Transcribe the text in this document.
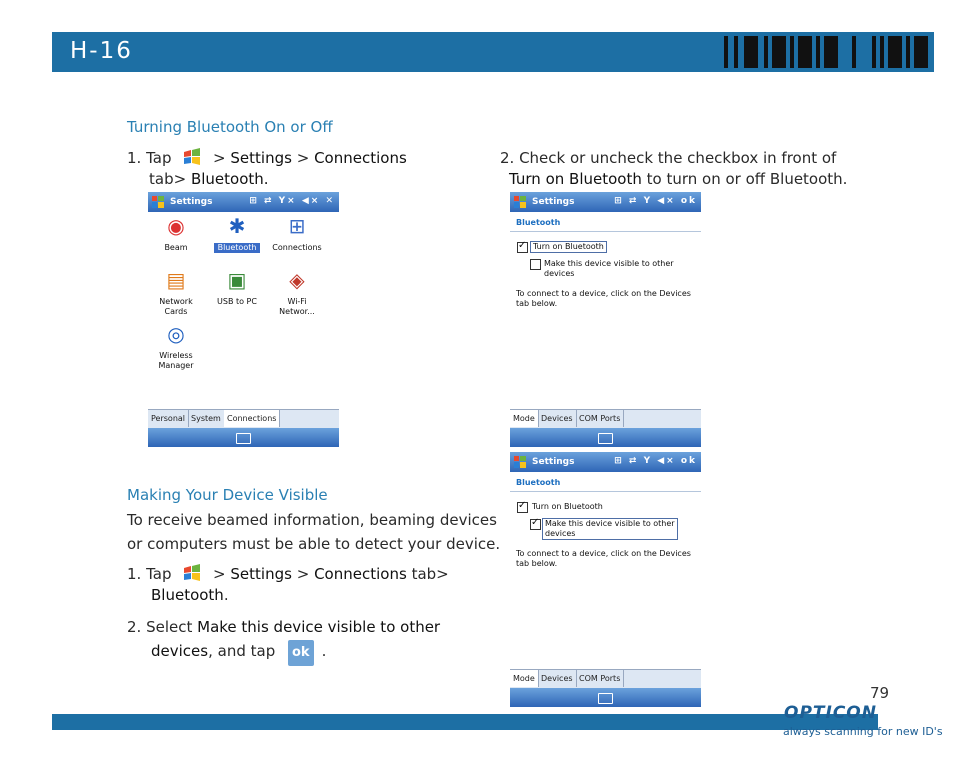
H-16
Turning Bluetooth On or Off
1. Tap	> Settings > Connections
tab> Bluetooth.
2. Check or uncheck the checkbox in front of
Turn on Bluetooth to turn on or off Bluetooth.
Settings	⊞ ⇄ Y× ◀× ✕
◉
Beam
✱
Bluetooth
⊞
Connections
▤
Network Cards
▣
USB to PC
◈
Wi-Fi Networ...
◎
Wireless Manager
Personal System Connections
Settings	⊞ ⇄ Y ◀× ok
Bluetooth
✓
Turn on Bluetooth
Make this device visible to other
devices
To connect to a device, click on the Devices
tab below.
Mode Devices COM Ports
Settings	⊞ ⇄ Y ◀× ok
Bluetooth
✓
Turn on Bluetooth
✓
Make this device visible to other
devices
To connect to a device, click on the Devices
tab below.
Mode Devices COM Ports
Making Your Device Visible
To receive beamed information, beaming devices
or computers must be able to detect your device.
1. Tap	> Settings > Connections tab>
Bluetooth.
2. Select Make this device visible to other
devices, and tap ok .
79
OPTICON
always scanning for new ID's
